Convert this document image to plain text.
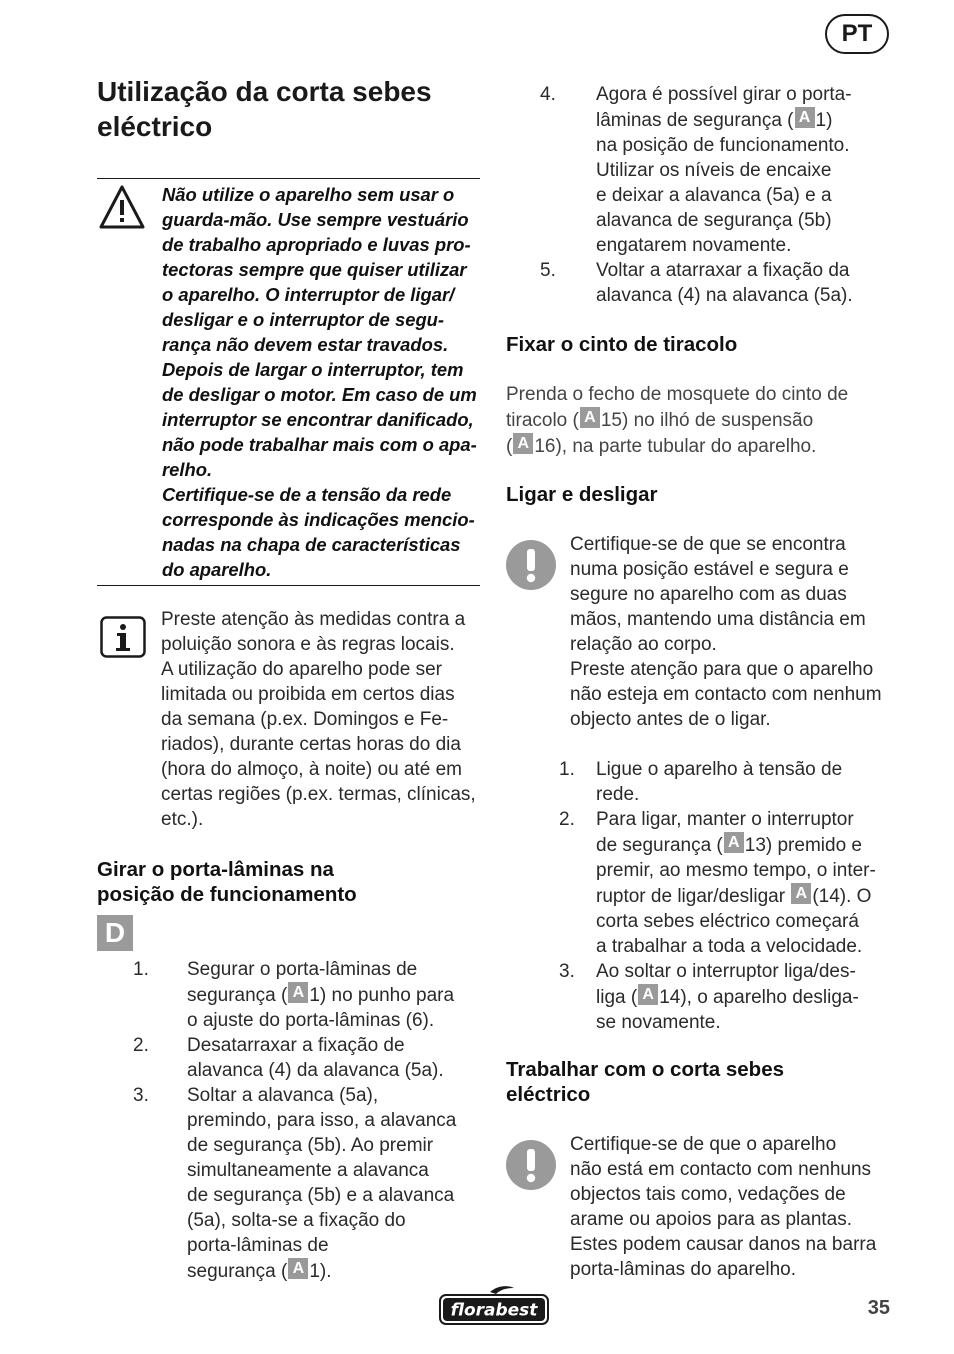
PT
Utilização da corta sebes eléctrico
Não utilize o aparelho sem usar o
guarda-mão. Use sempre vestuário
de trabalho apropriado e luvas pro-
tectoras sempre que quiser utilizar
o aparelho. O interruptor de ligar/
desligar e o interruptor de segu-
rança não devem estar travados.
Depois de largar o interruptor, tem
de desligar o motor. Em caso de um
interruptor se encontrar danificado,
não pode trabalhar mais com o apa-
relho.
Certifique-se de a tensão da rede
corresponde às indicações mencio-
nadas na chapa de características
do aparelho.
Preste atenção às medidas contra a
poluição sonora e às regras locais.
A utilização do aparelho pode ser
limitada ou proibida em certos dias
da semana (p.ex. Domingos e Fe-
riados), durante certas horas do dia
(hora do almoço, à noite) ou até em
certas regiões (p.ex. termas, clínicas,
etc.).
Girar o porta-lâminas na
posição de funcionamento
D
1. Segurar o porta-lâminas de
segurança ( A 1) no punho para
o ajuste do porta-lâminas (6).
2. Desatarraxar a fixação de
alavanca (4) da alavanca (5a).
3. Soltar a alavanca (5a),
premindo, para isso, a alavanca
de segurança (5b). Ao premir
simultaneamente a alavanca
de segurança (5b) e a alavanca
(5a), solta-se a fixação do
porta-lâminas de
segurança ( A 1).
4. Agora é possível girar o porta-
lâminas de segurança ( A 1)
na posição de funcionamento.
Utilizar os níveis de encaixe
e deixar a alavanca (5a) e a
alavanca de segurança (5b)
engatarem novamente.
5. Voltar a atarraxar a fixação da
alavanca (4) na alavanca (5a).
Fixar o cinto de tiracolo
Prenda o fecho de mosquete do cinto de
tiracolo ( A 15) no ilhó de suspensão
( A 16), na parte tubular do aparelho.
Ligar e desligar
Certifique-se de que se encontra
numa posição estável e segura e
segure no aparelho com as duas
mãos, mantendo uma distância em
relação ao corpo.
Preste atenção para que o aparelho
não esteja em contacto com nenhum
objecto antes de o ligar.
1. Ligue o aparelho à tensão de
rede.
2. Para ligar, manter o interruptor
de segurança ( A 13) premido e
premir, ao mesmo tempo, o inter-
ruptor de ligar/desligar A (14). O
corta sebes eléctrico começará
a trabalhar a toda a velocidade.
3. Ao soltar o interruptor liga/des-
liga ( A 14), o aparelho desliga-
se novamente.
Trabalhar com o corta sebes
eléctrico
Certifique-se de que o aparelho
não está em contacto com nenhuns
objectos tais como, vedações de
arame ou apoios para as plantas.
Estes podem causar danos na barra
porta-lâminas do aparelho.
florabest	35
